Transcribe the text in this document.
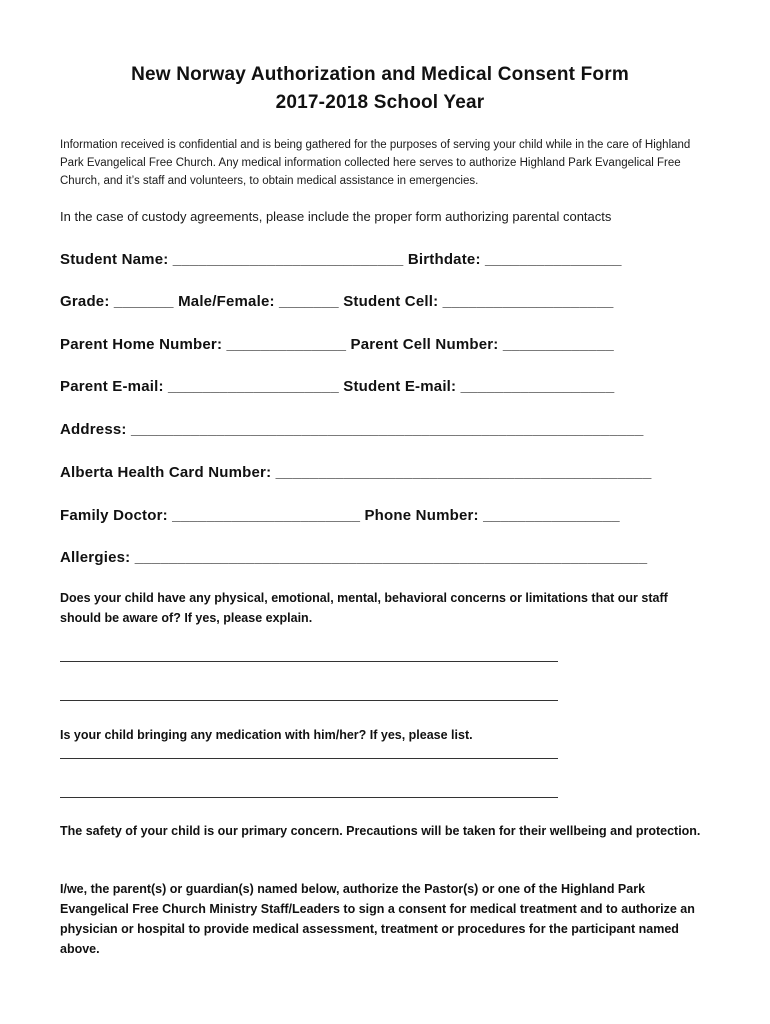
New Norway Authorization and Medical Consent Form
2017-2018 School Year
Information received is confidential and is being gathered for the purposes of serving your child while in the care of Highland Park Evangelical Free Church. Any medical information collected here serves to authorize Highland Park Evangelical Free Church, and it’s staff and volunteers, to obtain medical assistance in emergencies.
In the case of custody agreements, please include the proper form authorizing parental contacts
Student Name: ___________________________ Birthdate: ________________
Grade: _______ Male/Female: _______ Student Cell: ____________________
Parent Home Number: ______________ Parent Cell Number: _____________
Parent E-mail: ____________________ Student E-mail: __________________
Address: ____________________________________________________________
Alberta Health Card Number: ____________________________________________
Family Doctor: ______________________ Phone Number: ________________
Allergies: ____________________________________________________________
Does your child have any physical, emotional, mental, behavioral concerns or limitations that our staff should be aware of? If yes, please explain.
Is your child bringing any medication with him/her? If yes, please list.
The safety of your child is our primary concern. Precautions will be taken for their wellbeing and protection.
I/we, the parent(s) or guardian(s) named below, authorize the Pastor(s) or one of the Highland Park Evangelical Free Church Ministry Staff/Leaders to sign a consent for medical treatment and to authorize an physician or hospital to provide medical assessment, treatment or procedures for the participant named above.
